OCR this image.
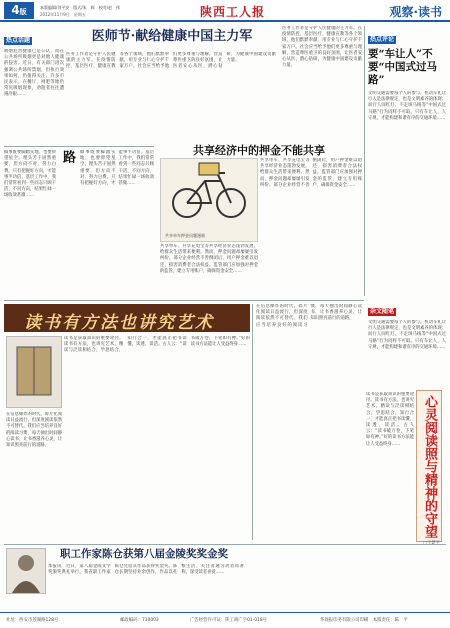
4版
本版编辑/刘平安　版式/朱　晖　校对/赵　伟
2012年11月9日　星期五	陕西工人报	观察·读书
热点话题
吸烟危害健康已是公认，而在公共场所吸烟更是对他人健康的侵害。近日，有关部门再次强调公共场所禁烟，但执行效果如何，仍值得关注。许多市民表示，在餐厅、网吧等地仍常见吸烟现象，劝阻者往往遭遇冷眼……
医师节·献给健康中国主力军
医务工作者是守护人民健康的主力军。在疫情防控、基层医疗、健康宣教等各个领域，他们默默奉献，用专业与仁心守护千家万户。社会应当给予他们更多尊重与理解，营造尊医重卫的良好氛围，让医者安心从医、潜心钻研，为健康中国建设贡献力量。
医务工作者是守护人民健康的主力军。在疫情防控、基层医疗、健康宣教等各个领域，他们默默奉献，用专业与仁心守护千家万户。社会应当给予他们更多尊重与理解，营造尊医重卫的良好氛围，让医者安心从医、潜心钻研，为健康中国建设贡献力量。
热点评论
要“车让人”不要“中国式过马路”
文明交通需要每个人的参与。机动车礼让行人是法律规定，也是文明素养的体现；而行人闯红灯、不走斑马线等“中国式过马路”行为同样不可取。只有车让人、人守规，才能构建和谐有序的交通环境……
做事既要脚踏实地，也要仰望星空。埋头苦干固然重要，但方向不对，努力白费。只有把握好方向，才能事半功倍。基层工作中，我们常常看到一些同志只顾干活，不问方向，结果忙碌一场收效甚微……
路	做事既要脚踏实地，也要仰望星空。埋头苦干固然重要，但方向不对，努力白费。只有把握好方向，才能事半功倍。基层工作中，我们常常看到一些同志只顾干活，不问方向，结果忙碌一场收效甚微……
共享经济中的押金不能共享
共享单车押金问题漫画
共享单车、共享充电宝等共享经济业态蓬勃发展，给群众生活带来便利。然而，押金问题却屡屡引发纠纷。部分企业经营不善倒闭后，用户押金难以退还，损害消费者合法权益。监管部门应加强对押金的监管，建立专用账户，确保资金安全……
共享单车、共享充电宝等共享经济业态蓬勃发展，给群众生活带来便利。然而，押金问题却屡屡引发纠纷。部分企业经营不善倒闭后，用户押金难以退还，损害消费者合法权益。监管部门应加强对押金的监管，建立专用账户，确保资金安全……
杂文随笔
文明交通需要每个人的参与。机动车礼让行人是法律规定，也是文明素养的体现；而行人闯红灯、不走斑马线等“中国式过马路”行为同样不可取。只有车让人、人守规，才能构建和谐有序的交通环境……
读书有方法也讲究艺术
读书是获取知识的重要途径。读书有方法，也讲究艺术。精读与泛读相结合，学思结合，知行合一，才能真正把书读懂、读透、读活。古人云：“读书破万卷，下笔如有神。”好的读书方法能让人受益终身……
在信息爆炸的时代，碎片化阅读日益流行，但深度阅读依然不可替代。我们应当培养良好的阅读习惯，每天抽出时间静心读书，让书香滋养心灵，让知识照亮前行的道路。
在信息爆炸的时代，碎片化阅读日益流行，但深度阅读依然不可替代。我们应当培养良好的阅读习惯，每天抽出时间静心读书，让书香滋养心灵，让知识照亮前行的道路。
读书是获取知识的重要途径。读书有方法，也讲究艺术。精读与泛读相结合，学思结合，知行合一，才能真正把书读懂、读透、读活。古人云：“读书破万卷，下笔如有神。”好的读书方法能让人受益终身……	心灵阅读照与精神的守望
职工作家陈仓获第八届金陵奖奖金奖
本报讯　近日，第八届金陵文学奖颁奖典礼举行，我省职工作家陈仓凭借其作品获得奖金奖。陈仓长期坚持业余创作，作品以扎根生活、关注普通劳动者而著称，深受读者喜爱……
社址：西安市莲湖路128号	邮政编码：710003	广告经营许可证：陕工商广字01-018号	华商报印务有限公司印刷　本版责任：陈　平
